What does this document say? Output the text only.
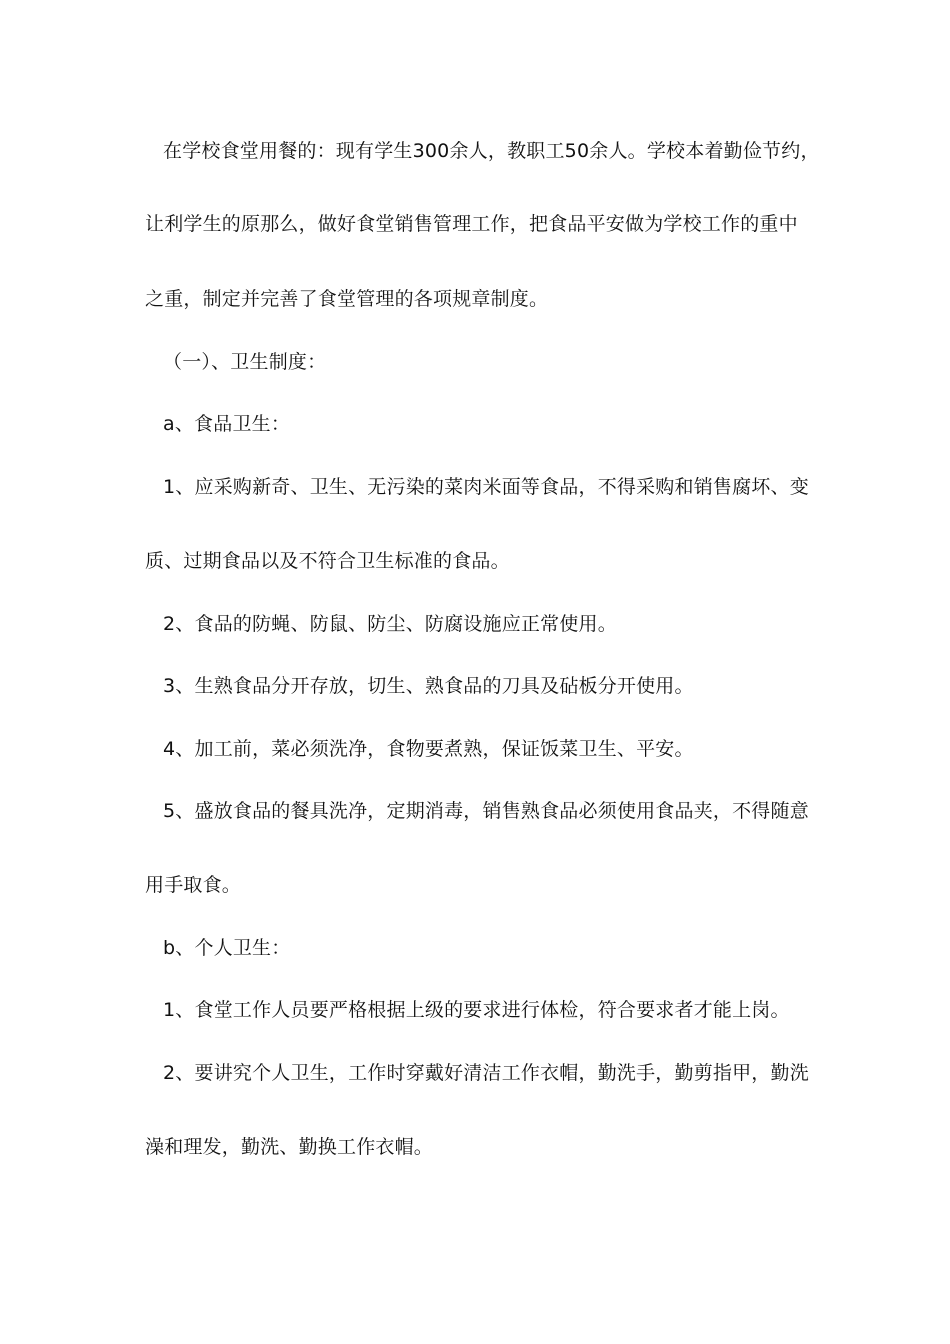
在学校食堂用餐的：现有学生300余人，教职工50余人。学校本着勤俭节约，
让利学生的原那么，做好食堂销售管理工作，把食品平安做为学校工作的重中
之重，制定并完善了食堂管理的各项规章制度。
（一）、卫生制度：
a、食品卫生：
1、应采购新奇、卫生、无污染的菜肉米面等食品，不得采购和销售腐坏、变
质、过期食品以及不符合卫生标准的食品。
2、食品的防蝇、防鼠、防尘、防腐设施应正常使用。
3、生熟食品分开存放，切生、熟食品的刀具及砧板分开使用。
4、加工前，菜必须洗净，食物要煮熟，保证饭菜卫生、平安。
5、盛放食品的餐具洗净，定期消毒，销售熟食品必须使用食品夹，不得随意
用手取食。
b、个人卫生：
1、食堂工作人员要严格根据上级的要求进行体检，符合要求者才能上岗。
2、要讲究个人卫生，工作时穿戴好清洁工作衣帽，勤洗手，勤剪指甲，勤洗
澡和理发，勤洗、勤换工作衣帽。
